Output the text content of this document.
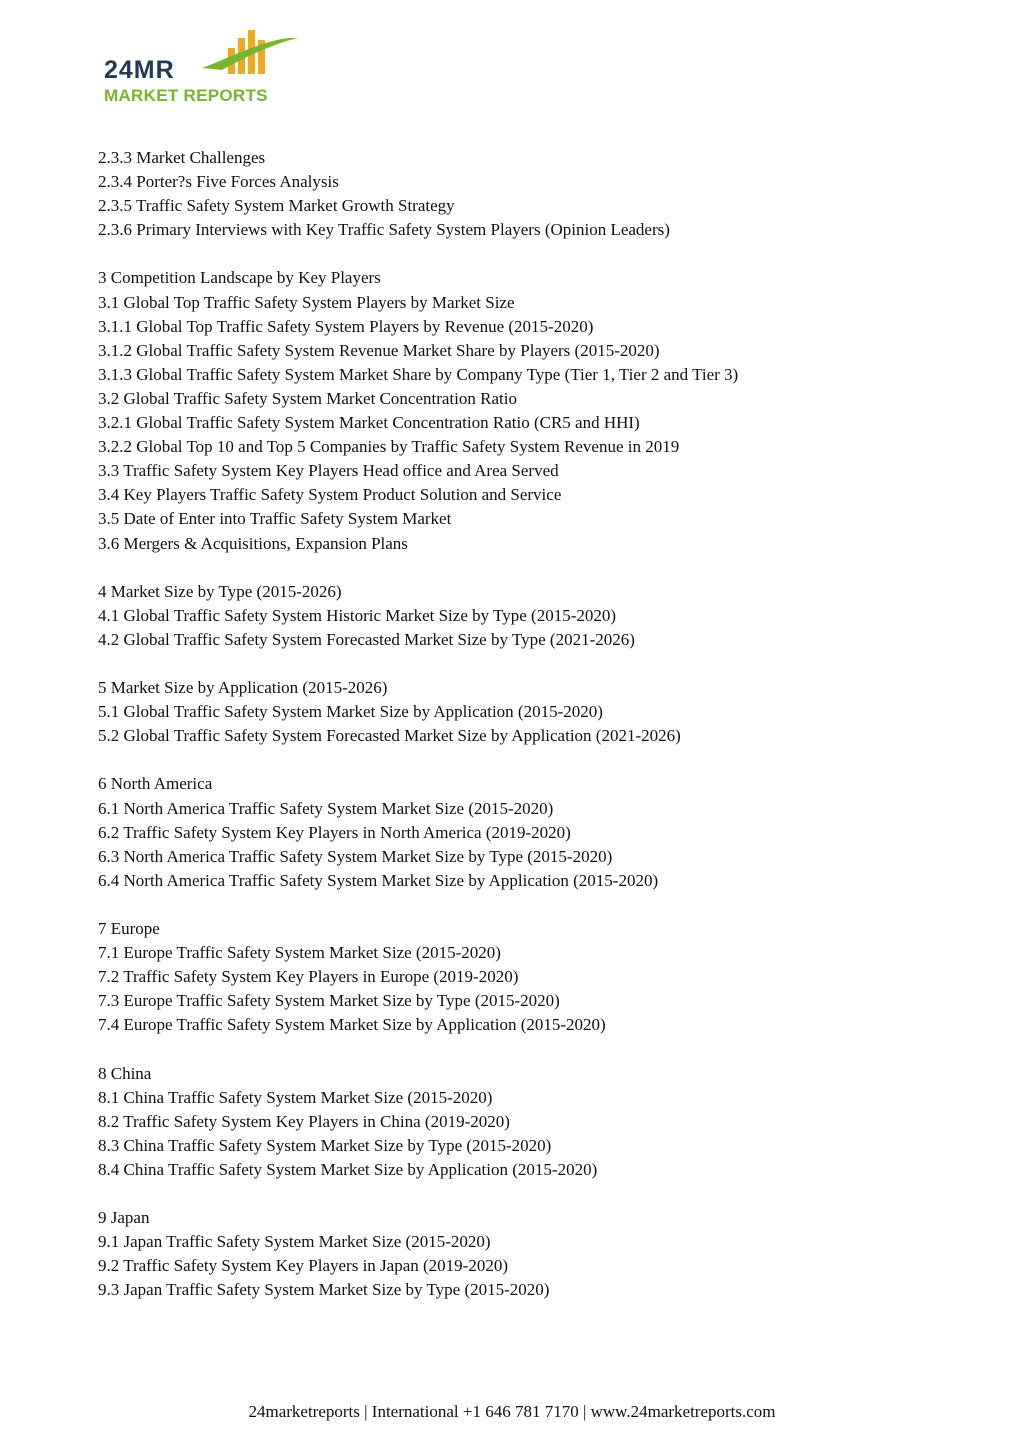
24MR
MARKET REPORTS
2.3.3 Market Challenges
2.3.4 Porter?s Five Forces Analysis
2.3.5 Traffic Safety System Market Growth Strategy
2.3.6 Primary Interviews with Key Traffic Safety System Players (Opinion Leaders)
3 Competition Landscape by Key Players
3.1 Global Top Traffic Safety System Players by Market Size
3.1.1 Global Top Traffic Safety System Players by Revenue (2015-2020)
3.1.2 Global Traffic Safety System Revenue Market Share by Players (2015-2020)
3.1.3 Global Traffic Safety System Market Share by Company Type (Tier 1, Tier 2 and Tier 3)
3.2 Global Traffic Safety System Market Concentration Ratio
3.2.1 Global Traffic Safety System Market Concentration Ratio (CR5 and HHI)
3.2.2 Global Top 10 and Top 5 Companies by Traffic Safety System Revenue in 2019
3.3 Traffic Safety System Key Players Head office and Area Served
3.4 Key Players Traffic Safety System Product Solution and Service
3.5 Date of Enter into Traffic Safety System Market
3.6 Mergers & Acquisitions, Expansion Plans
4 Market Size by Type (2015-2026)
4.1 Global Traffic Safety System Historic Market Size by Type (2015-2020)
4.2 Global Traffic Safety System Forecasted Market Size by Type (2021-2026)
5 Market Size by Application (2015-2026)
5.1 Global Traffic Safety System Market Size by Application (2015-2020)
5.2 Global Traffic Safety System Forecasted Market Size by Application (2021-2026)
6 North America
6.1 North America Traffic Safety System Market Size (2015-2020)
6.2 Traffic Safety System Key Players in North America (2019-2020)
6.3 North America Traffic Safety System Market Size by Type (2015-2020)
6.4 North America Traffic Safety System Market Size by Application (2015-2020)
7 Europe
7.1 Europe Traffic Safety System Market Size (2015-2020)
7.2 Traffic Safety System Key Players in Europe (2019-2020)
7.3 Europe Traffic Safety System Market Size by Type (2015-2020)
7.4 Europe Traffic Safety System Market Size by Application (2015-2020)
8 China
8.1 China Traffic Safety System Market Size (2015-2020)
8.2 Traffic Safety System Key Players in China (2019-2020)
8.3 China Traffic Safety System Market Size by Type (2015-2020)
8.4 China Traffic Safety System Market Size by Application (2015-2020)
9 Japan
9.1 Japan Traffic Safety System Market Size (2015-2020)
9.2 Traffic Safety System Key Players in Japan (2019-2020)
9.3 Japan Traffic Safety System Market Size by Type (2015-2020)
24marketreports | International +1 646 781 7170 | www.24marketreports.com
